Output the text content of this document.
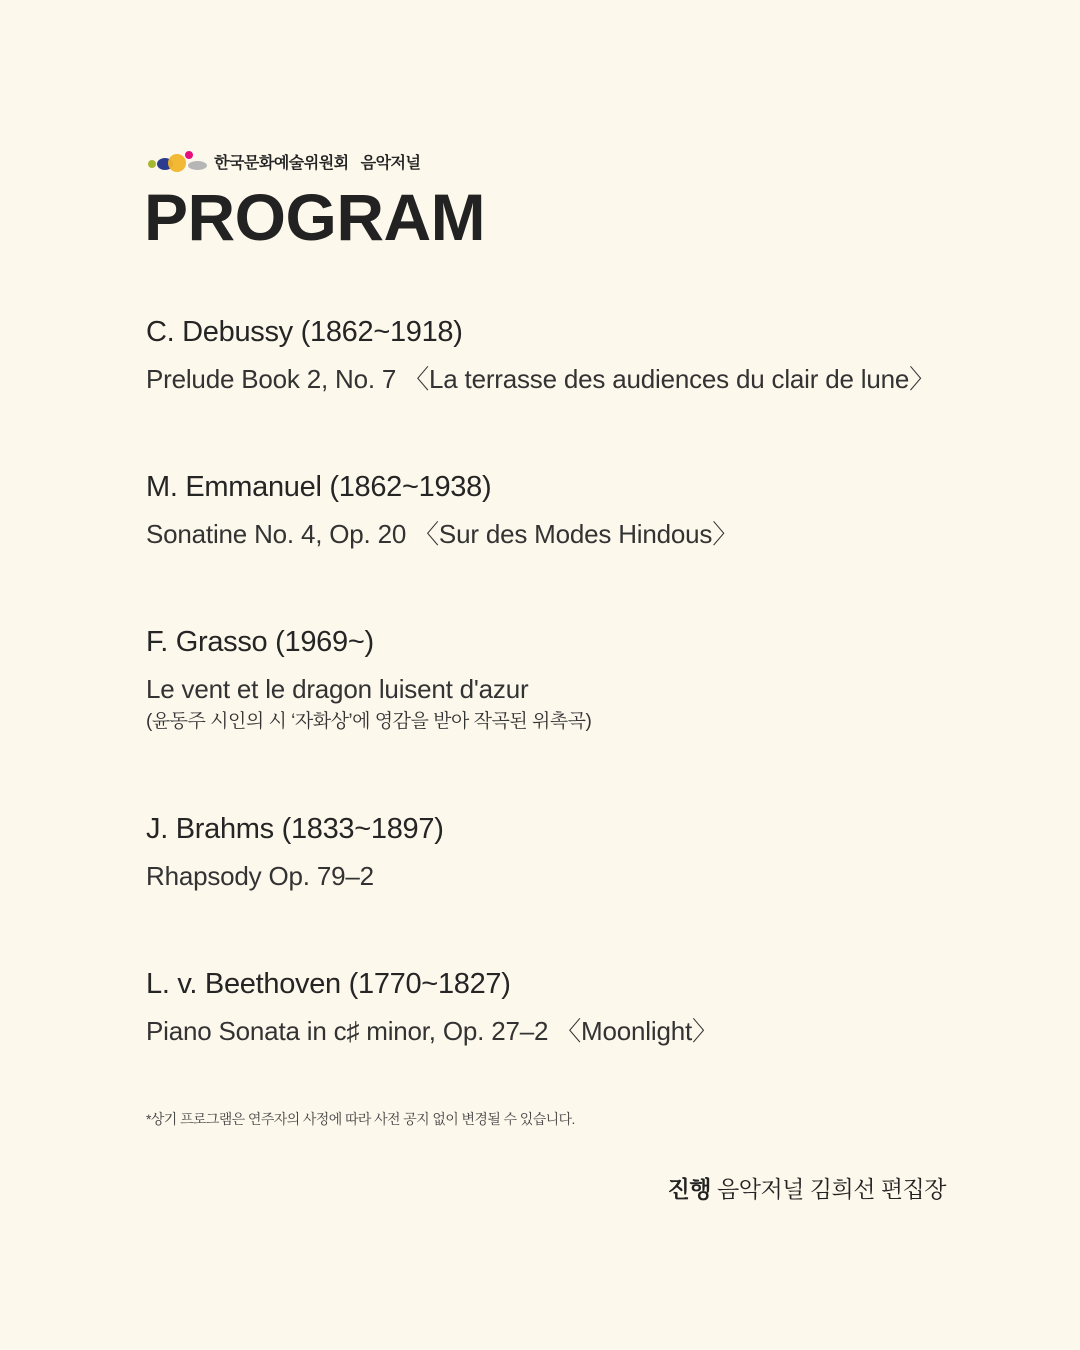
한국문화예술위원회 음악저널
PROGRAM
C. Debussy (1862~1918)
Prelude Book 2, No. 7 〈La terrasse des audiences du clair de lune〉
M. Emmanuel (1862~1938)
Sonatine No. 4, Op. 20 〈Sur des Modes Hindous〉
F. Grasso (1969~)
Le vent et le dragon luisent d'azur
(윤동주 시인의 시 ‘자화상’에 영감을 받아 작곡된 위촉곡)
J. Brahms (1833~1897)
Rhapsody Op. 79–2
L. v. Beethoven (1770~1827)
Piano Sonata in c♯ minor, Op. 27–2 〈Moonlight〉
*상기 프로그램은 연주자의 사정에 따라 사전 공지 없이 변경될 수 있습니다.
진행 음악저널 김희선 편집장
